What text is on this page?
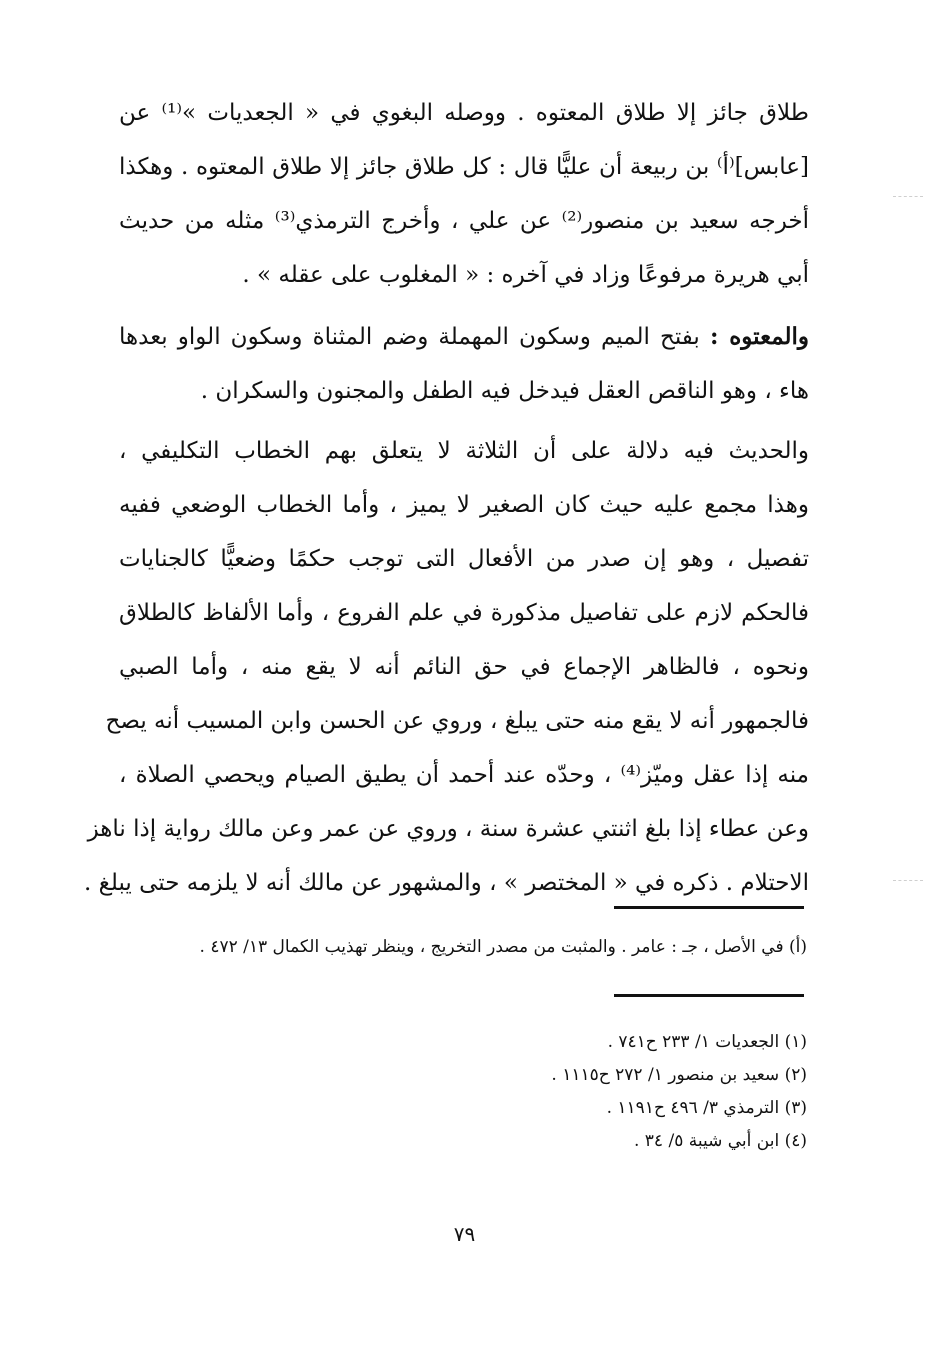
طلاق جائز إلا طلاق المعتوه . ووصله البغوي في « الجعديات »⁽¹⁾ عن
[عابس]⁽أ⁾ بن ربيعة أن عليًّا قال : كل طلاق جائز إلا طلاق المعتوه . وهكذا
أخرجه سعيد بن منصور⁽²⁾ عن علي ، وأخرج الترمذي⁽³⁾ مثله من حديث
أبي هريرة مرفوعًا وزاد في آخره : « المغلوب على عقله » .
والمعتوه : بفتح الميم وسكون المهملة وضم المثناة وسكون الواو بعدها
هاء ، وهو الناقص العقل فيدخل فيه الطفل والمجنون والسكران .
والحديث فيه دلالة على أن الثلاثة لا يتعلق بهم الخطاب التكليفي ،
وهذا مجمع عليه حيث كان الصغير لا يميز ، وأما الخطاب الوضعي ففيه
تفصيل ، وهو إن صدر من الأفعال التى توجب حكمًا وضعيًّا كالجنايات
فالحكم لازم على تفاصيل مذكورة في علم الفروع ، وأما الألفاظ كالطلاق
ونحوه ، فالظاهر الإجماع في حق النائم أنه لا يقع منه ، وأما الصبي
فالجمهور أنه لا يقع منه حتى يبلغ ، وروي عن الحسن وابن المسيب أنه يصح
منه إذا عقل وميّز⁽⁴⁾ ، وحدّه عند أحمد أن يطيق الصيام ويحصي الصلاة ،
وعن عطاء إذا بلغ اثنتي عشرة سنة ، وروي عن عمر وعن مالك رواية إذا ناهز
الاحتلام . ذكره في « المختصر » ، والمشهور عن مالك أنه لا يلزمه حتى يبلغ .
(أ) في الأصل ، جـ : عامر . والمثبت من مصدر التخريج ، وينظر تهذيب الكمال ١٣/ ٤٧٢ .
(١) الجعديات ١/ ٢٣٣ ح٧٤١ .
(٢) سعيد بن منصور ١/ ٢٧٢ ح١١١٥ .
(٣) الترمذي ٣/ ٤٩٦ ح١١٩١ .
(٤) ابن أبي شيبة ٥/ ٣٤ .
٧٩
